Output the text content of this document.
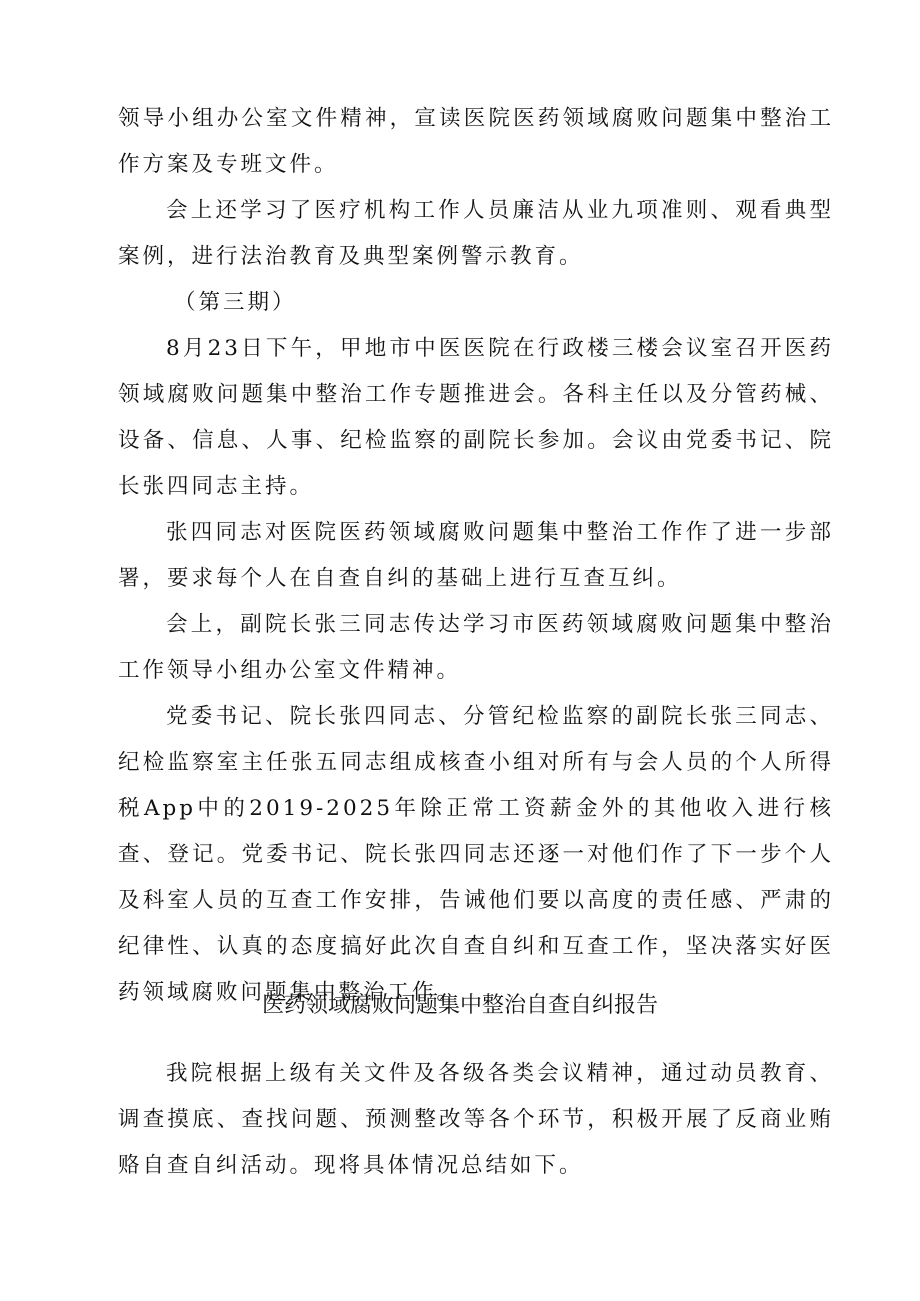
领导小组办公室文件精神，宣读医院医药领域腐败问题集中整治工作方案及专班文件。

会上还学习了医疗机构工作人员廉洁从业九项准则、观看典型案例，进行法治教育及典型案例警示教育。

（第三期）

8月23日下午，甲地市中医医院在行政楼三楼会议室召开医药领域腐败问题集中整治工作专题推进会。各科主任以及分管药械、设备、信息、人事、纪检监察的副院长参加。会议由党委书记、院长张四同志主持。

张四同志对医院医药领域腐败问题集中整治工作作了进一步部署，要求每个人在自查自纠的基础上进行互查互纠。

会上，副院长张三同志传达学习市医药领域腐败问题集中整治工作领导小组办公室文件精神。

党委书记、院长张四同志、分管纪检监察的副院长张三同志、纪检监察室主任张五同志组成核查小组对所有与会人员的个人所得税App中的2019-2025年除正常工资薪金外的其他收入进行核查、登记。党委书记、院长张四同志还逐一对他们作了下一步个人及科室人员的互查工作安排，告诫他们要以高度的责任感、严肃的纪律性、认真的态度搞好此次自查自纠和互查工作，坚决落实好医药领域腐败问题集中整治工作。

医药领域腐败问题集中整治自查自纠报告

我院根据上级有关文件及各级各类会议精神，通过动员教育、调查摸底、查找问题、预测整改等各个环节，积极开展了反商业贿赂自查自纠活动。现将具体情况总结如下。
